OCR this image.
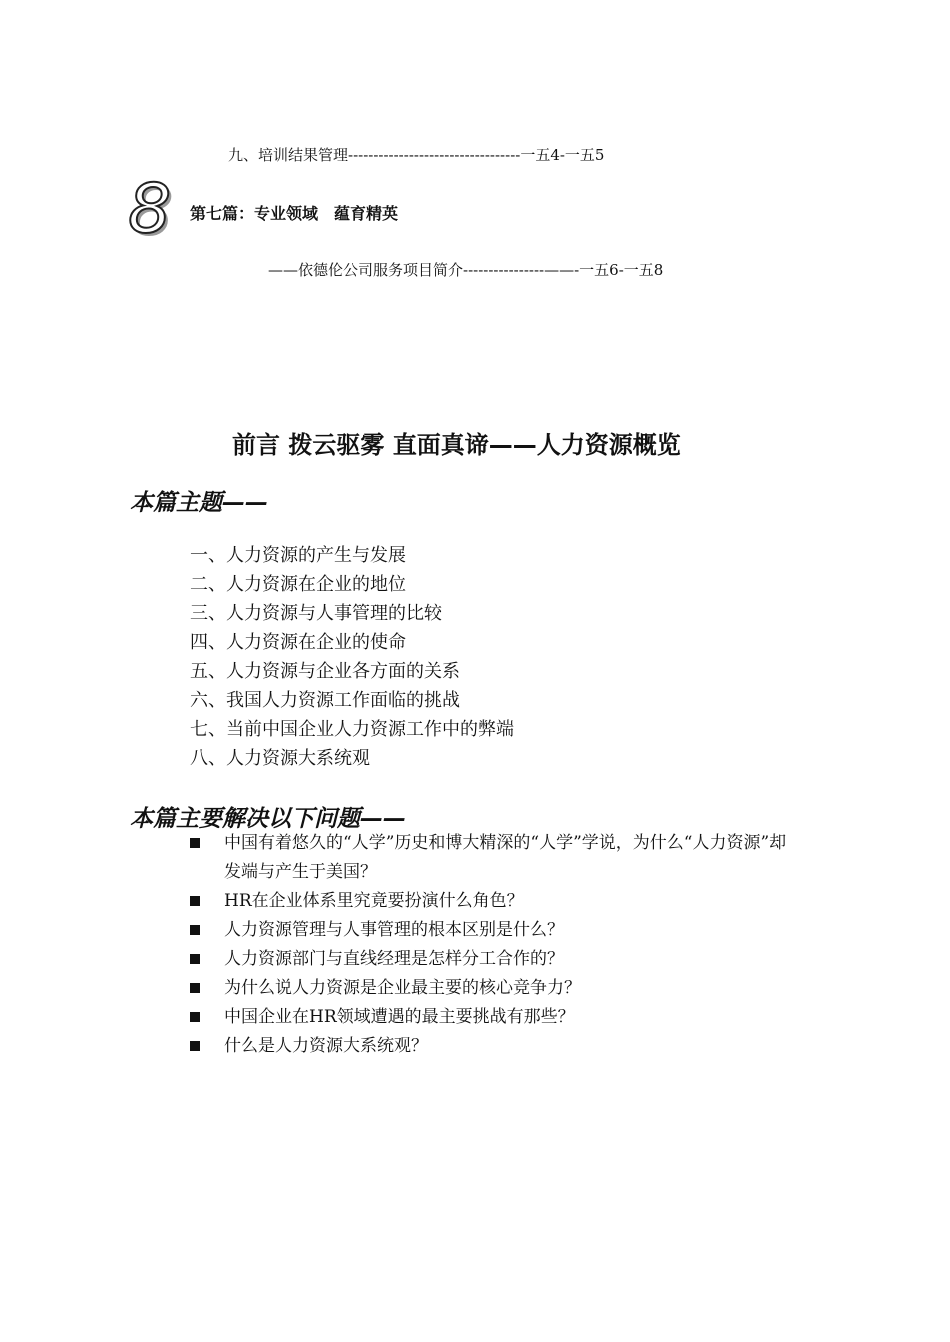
九、培训结果管理----------------------------------一五4-一五5
8 第七篇：专业领域　蕴育精英
——依德伦公司服务项目简介----------------——-一五6-一五8
前言 拨云驱雾 直面真谛——人力资源概览
本篇主题——
一、人力资源的产生与发展
二、人力资源在企业的地位
三、人力资源与人事管理的比较
四、人力资源在企业的使命
五、人力资源与企业各方面的关系
六、我国人力资源工作面临的挑战
七、当前中国企业人力资源工作中的弊端
八、人力资源大系统观
本篇主要解决以下问题——
中国有着悠久的“人学”历史和博大精深的“人学”学说，为什么“人力资源”却发端与产生于美国？
HR在企业体系里究竟要扮演什么角色？
人力资源管理与人事管理的根本区别是什么？
人力资源部门与直线经理是怎样分工合作的？
为什么说人力资源是企业最主要的核心竞争力？
中国企业在HR领域遭遇的最主要挑战有那些？
什么是人力资源大系统观？
